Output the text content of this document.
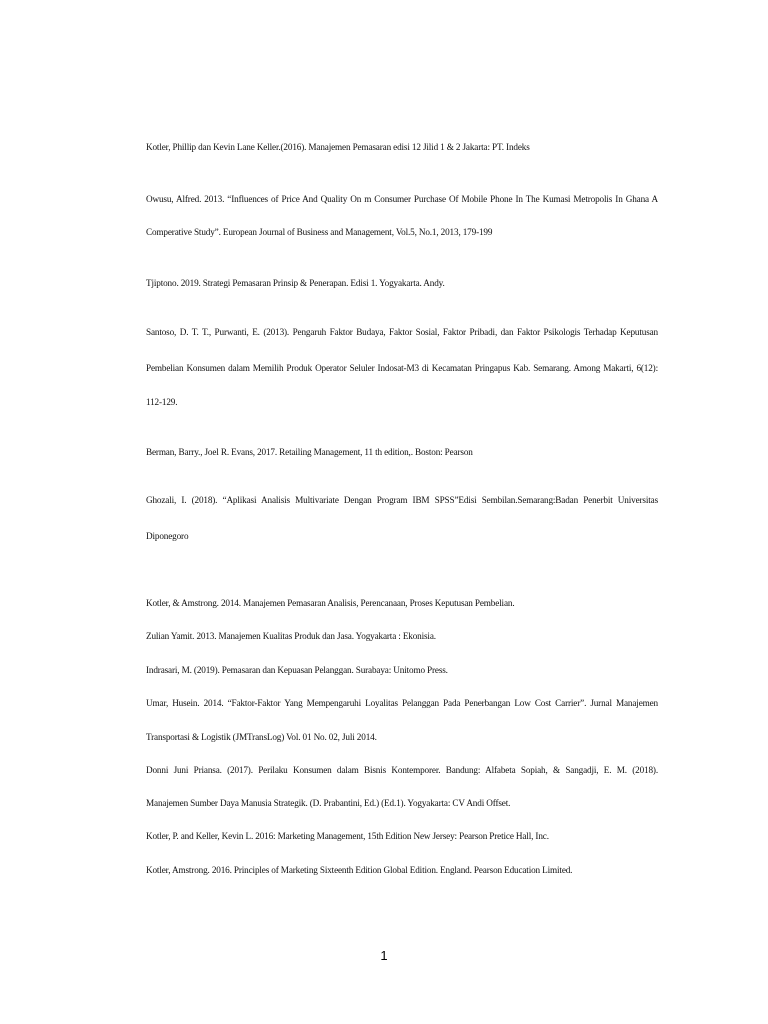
Kotler, Phillip dan Kevin Lane Keller.(2016). Manajemen Pemasaran edisi 12 Jilid 1 & 2 Jakarta: PT. Indeks
Owusu, Alfred. 2013. “Influences of Price And Quality On m Consumer Purchase Of Mobile Phone In The Kumasi Metropolis In Ghana A
Comperative Study”. European Journal of Business and Management, Vol.5, No.1, 2013, 179-199
Tjiptono. 2019. Strategi Pemasaran Prinsip & Penerapan. Edisi 1. Yogyakarta. Andy.
Santoso, D. T. T., Purwanti, E. (2013). Pengaruh Faktor Budaya, Faktor Sosial, Faktor Pribadi, dan Faktor Psikologis Terhadap Keputusan
Pembelian Konsumen dalam Memilih Produk Operator Seluler Indosat-M3 di Kecamatan Pringapus Kab. Semarang. Among Makarti, 6(12):
112-129.
Berman, Barry., Joel R. Evans, 2017. Retailing Management, 11 th edition,. Boston: Pearson
Ghozali, I. (2018). “Aplikasi Analisis Multivariate Dengan Program IBM SPSS”Edisi Sembilan.Semarang:Badan Penerbit Universitas
Diponegoro
Kotler, & Amstrong. 2014. Manajemen Pemasaran Analisis, Perencanaan, Proses Keputusan Pembelian.
Zulian Yamit. 2013. Manajemen Kualitas Produk dan Jasa. Yogyakarta : Ekonisia.
Indrasari, M. (2019). Pemasaran dan Kepuasan Pelanggan. Surabaya: Unitomo Press.
Umar, Husein. 2014. “Faktor-Faktor Yang Mempengaruhi Loyalitas Pelanggan Pada Penerbangan Low Cost Carrier”. Jurnal Manajemen
Transportasi & Logistik (JMTransLog) Vol. 01 No. 02, Juli 2014.
Donni Juni Priansa. (2017). Perilaku Konsumen dalam Bisnis Kontemporer. Bandung: Alfabeta Sopiah, & Sangadji, E. M. (2018).
Manajemen Sumber Daya Manusia Strategik. (D. Prabantini, Ed.) (Ed.1). Yogyakarta: CV Andi Offset.
Kotler, P. and Keller, Kevin L. 2016: Marketing Management, 15th Edition New Jersey: Pearson Pretice Hall, Inc.
Kotler, Amstrong. 2016. Principles of Marketing Sixteenth Edition Global Edition. England. Pearson Education Limited.
1
